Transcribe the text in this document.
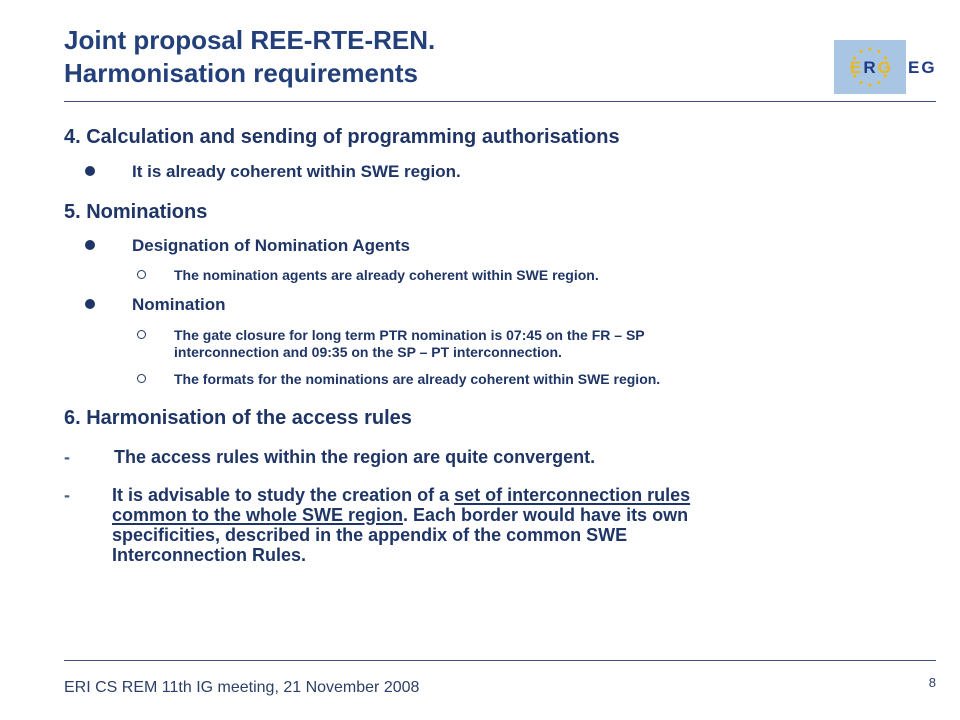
Joint proposal REE-RTE-REN.
Harmonisation requirements	ERG EG
4. Calculation and sending of programming authorisations
It is already coherent within SWE region.
5. Nominations
Designation of Nomination Agents
The nomination agents are already coherent within SWE region.
Nomination
The gate closure for long term PTR nomination is 07:45 on the FR – SP
interconnection and 09:35 on the SP – PT interconnection.
The formats for the nominations are already coherent within SWE region.
6. Harmonisation of the access rules
- The access rules within the region are quite convergent.
- It is advisable to study the creation of a set of interconnection rules
common to the whole SWE region. Each border would have its own
specificities, described in the appendix of the common SWE
Interconnection Rules.
ERI CS REM 11th IG meeting, 21 November 2008	8
